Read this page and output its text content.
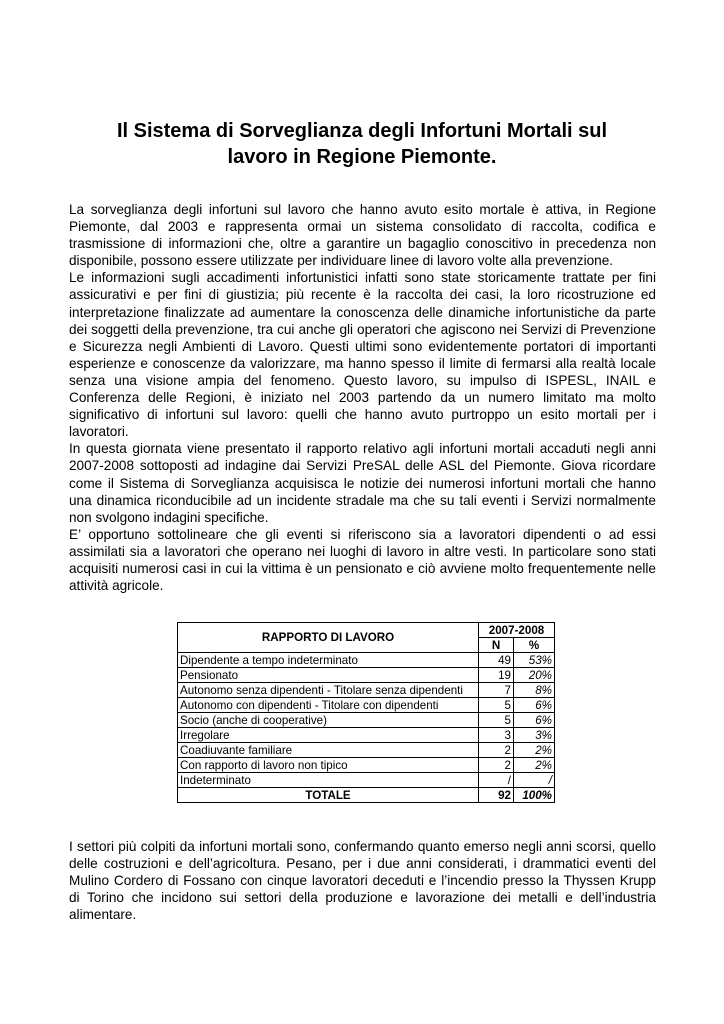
Il Sistema di Sorveglianza degli Infortuni Mortali sul
lavoro in Regione Piemonte.
La sorveglianza degli infortuni sul lavoro che hanno avuto esito mortale è attiva, in Regione Piemonte, dal 2003 e rappresenta ormai un sistema consolidato di raccolta, codifica e trasmissione di informazioni che, oltre a garantire un bagaglio conoscitivo in precedenza non disponibile, possono essere utilizzate per individuare linee di lavoro volte alla prevenzione.
Le informazioni sugli accadimenti infortunistici infatti sono state storicamente trattate per fini assicurativi e per fini di giustizia; più recente è la raccolta dei casi, la loro ricostruzione ed interpretazione finalizzate ad aumentare la conoscenza delle dinamiche infortunistiche da parte dei soggetti della prevenzione, tra cui anche gli operatori che agiscono nei Servizi di Prevenzione e Sicurezza negli Ambienti di Lavoro. Questi ultimi sono evidentemente portatori di importanti esperienze e conoscenze da valorizzare, ma hanno spesso il limite di fermarsi alla realtà locale senza una visione ampia del fenomeno. Questo lavoro, su impulso di ISPESL, INAIL e Conferenza delle Regioni, è iniziato nel 2003 partendo da un numero limitato ma molto significativo di infortuni sul lavoro: quelli che hanno avuto purtroppo un esito mortali per i lavoratori.
In questa giornata viene presentato il rapporto relativo agli infortuni mortali accaduti negli anni 2007-2008 sottoposti ad indagine dai Servizi PreSAL delle ASL del Piemonte. Giova ricordare come il Sistema di Sorveglianza acquisisca le notizie dei numerosi infortuni mortali che hanno una dinamica riconducibile ad un incidente stradale ma che su tali eventi i Servizi normalmente non svolgono indagini specifiche.
E’ opportuno sottolineare che gli eventi si riferiscono sia a lavoratori dipendenti o ad essi assimilati sia a lavoratori che operano nei luoghi di lavoro in altre vesti. In particolare sono stati acquisiti numerosi casi in cui la vittima è un pensionato e ciò avviene molto frequentemente nelle attività agricole.
RAPPORTO DI LAVORO	2007-2008	
	N	%
Dipendente a tempo indeterminato	49	53%
Pensionato	19	20%
Autonomo senza dipendenti - Titolare senza dipendenti	7	8%
Autonomo con dipendenti - Titolare con dipendenti	5	6%
Socio (anche di cooperative)	5	6%
Irregolare	3	3%
Coadiuvante familiare	2	2%
Con rapporto di lavoro non tipico	2	2%
Indeterminato	/	/
TOTALE	92	100%
I settori più colpiti da infortuni mortali sono, confermando quanto emerso negli anni scorsi, quello delle costruzioni e dell’agricoltura. Pesano, per i due anni considerati, i drammatici eventi del Mulino Cordero di Fossano con cinque lavoratori deceduti e l’incendio presso la Thyssen Krupp di Torino che incidono sui settori della produzione e lavorazione dei metalli e dell’industria alimentare.
